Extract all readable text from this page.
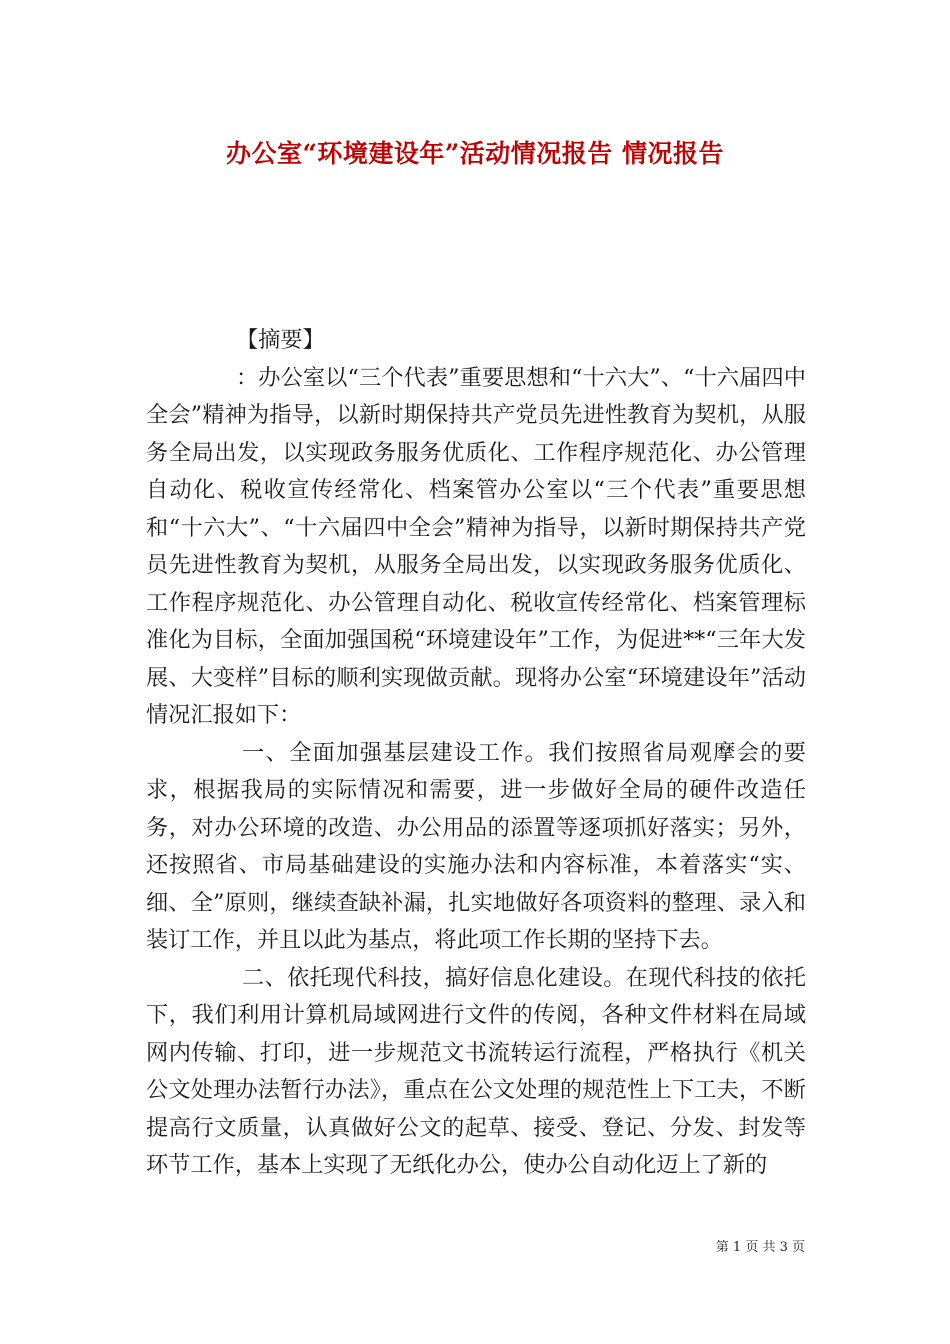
办公室“环境建设年”活动情况报告 情况报告

【摘要】

：办公室以“三个代表”重要思想和“十六大”、“十六届四中全会”精神为指导，以新时期保持共产党员先进性教育为契机，从服务全局出发，以实现政务服务优质化、工作程序规范化、办公管理自动化、税收宣传经常化、档案管办公室以“三个代表”重要思想和“十六大”、“十六届四中全会”精神为指导，以新时期保持共产党员先进性教育为契机，从服务全局出发，以实现政务服务优质化、工作程序规范化、办公管理自动化、税收宣传经常化、档案管理标准化为目标，全面加强国税“环境建设年”工作，为促进**“三年大发展、大变样”目标的顺利实现做贡献。现将办公室“环境建设年”活动情况汇报如下：

一、全面加强基层建设工作。我们按照省局观摩会的要求，根据我局的实际情况和需要，进一步做好全局的硬件改造任务，对办公环境的改造、办公用品的添置等逐项抓好落实；另外，还按照省、市局基础建设的实施办法和内容标准，本着落实“实、细、全”原则，继续查缺补漏，扎实地做好各项资料的整理、录入和装订工作，并且以此为基点，将此项工作长期的坚持下去。

二、依托现代科技，搞好信息化建设。在现代科技的依托下，我们利用计算机局域网进行文件的传阅，各种文件材料在局域网内传输、打印，进一步规范文书流转运行流程，严格执行《机关公文处理办法暂行办法》，重点在公文处理的规范性上下工夫，不断提高行文质量，认真做好公文的起草、接受、登记、分发、封发等环节工作，基本上实现了无纸化办公，使办公自动化迈上了新的

第 1 页 共 3 页
